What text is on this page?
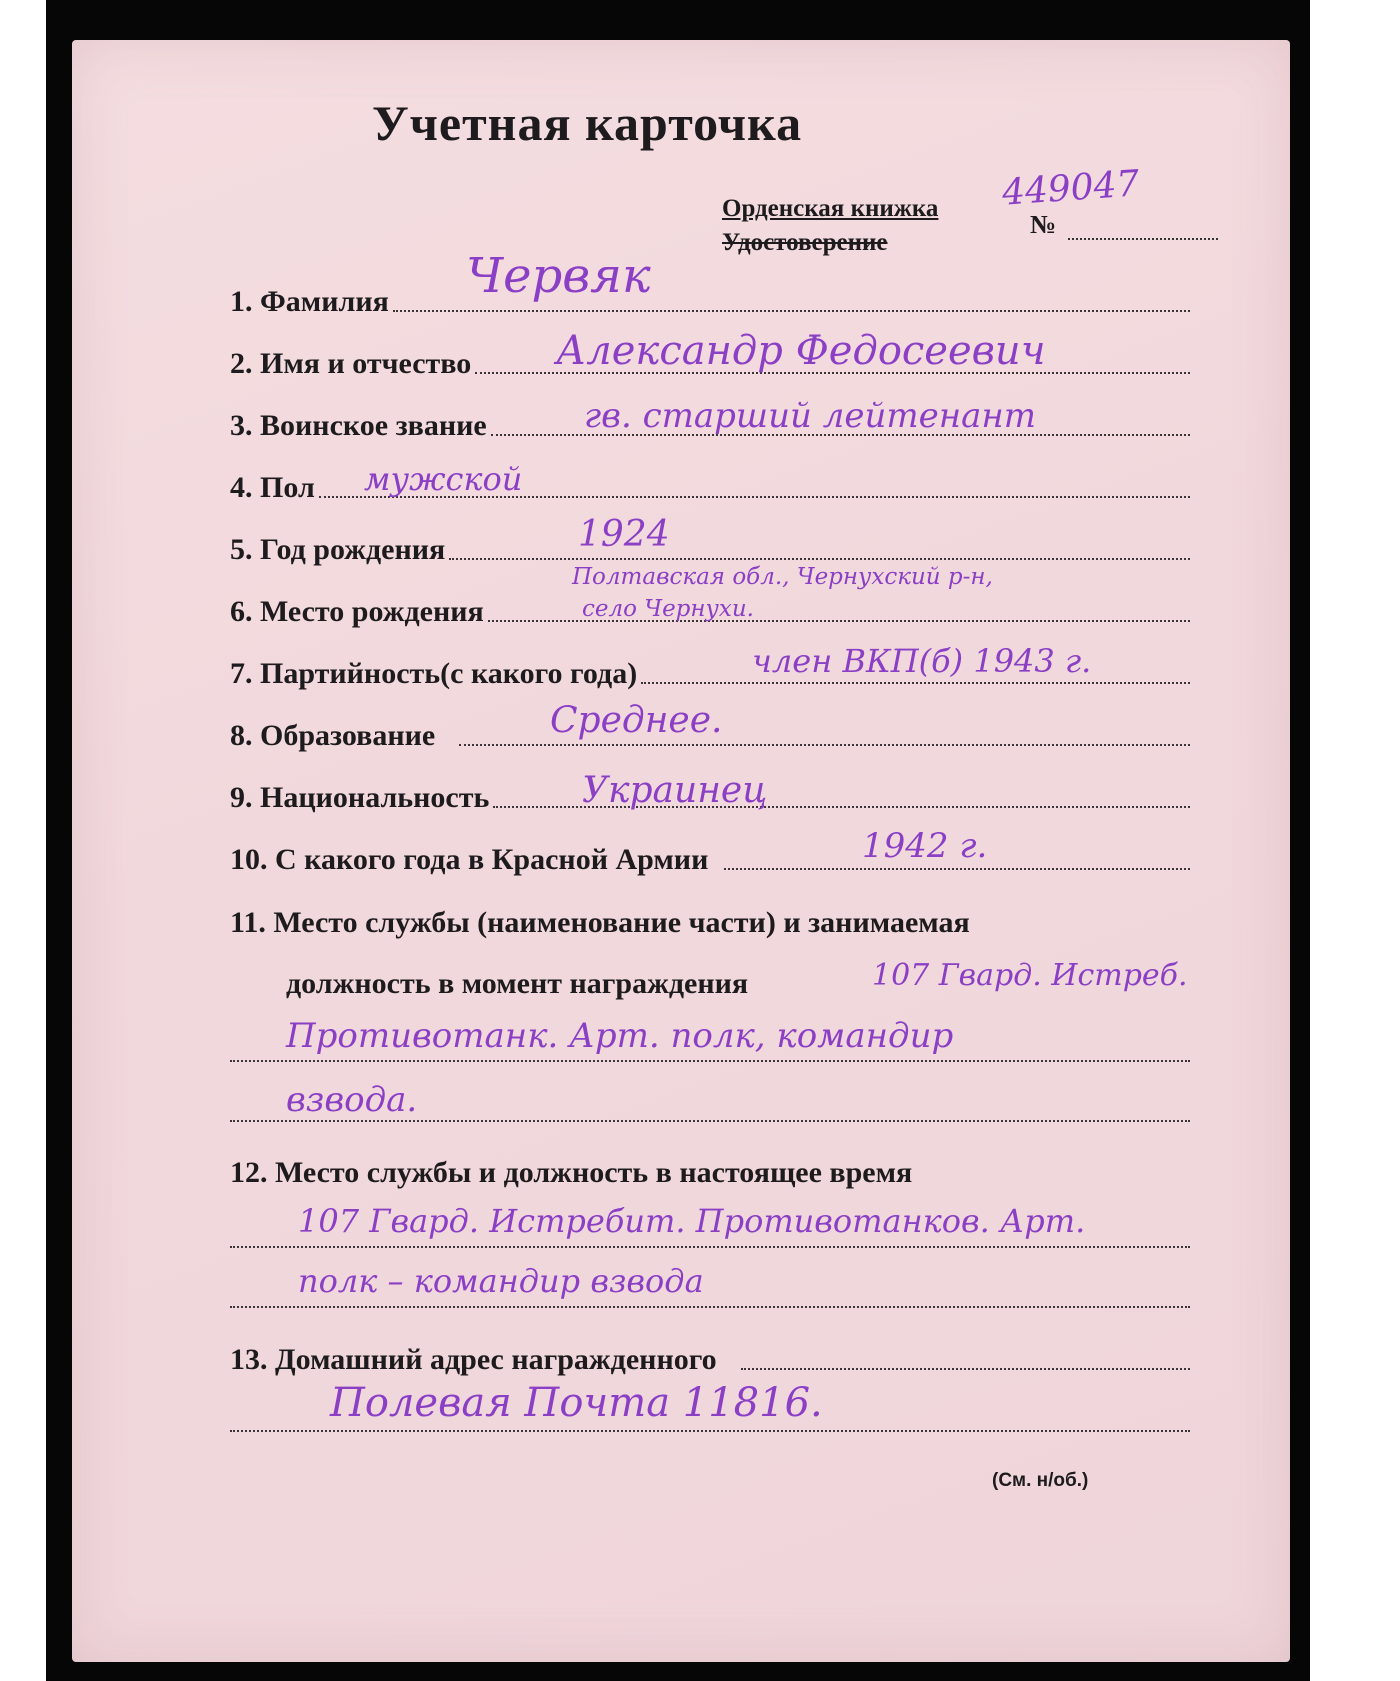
Учетная карточка
Орденская книжка
Удостоверение
№
449047
1. Фамилия Червяк
2. Имя и отчество Александр Федосеевич
3. Воинское звание	гв. старший лейтенант
4. Пол мужской
5. Год рождения	1924
6. Место рождения
Полтавская обл., Чернухский р-н,
село Чернухи.
7. Партийность(с какого года)	член ВКП(б) 1943 г.
8. Образование	Среднее.
9. Национальность	Украинец
10. С какого года в Красной Армии	1942 г.
11. Место службы (наименование части) и занимаемая
должность в момент награждения	107 Гвард. Истреб.
Противотанк. Арт. полк, командир
взвода.
12. Место службы и должность в настоящее время
107 Гвард. Истребит. Противотанков. Арт.
полк – командир взвода
13. Домашний адрес награжденного
Полевая Почта 11816.
(См. н/об.)
